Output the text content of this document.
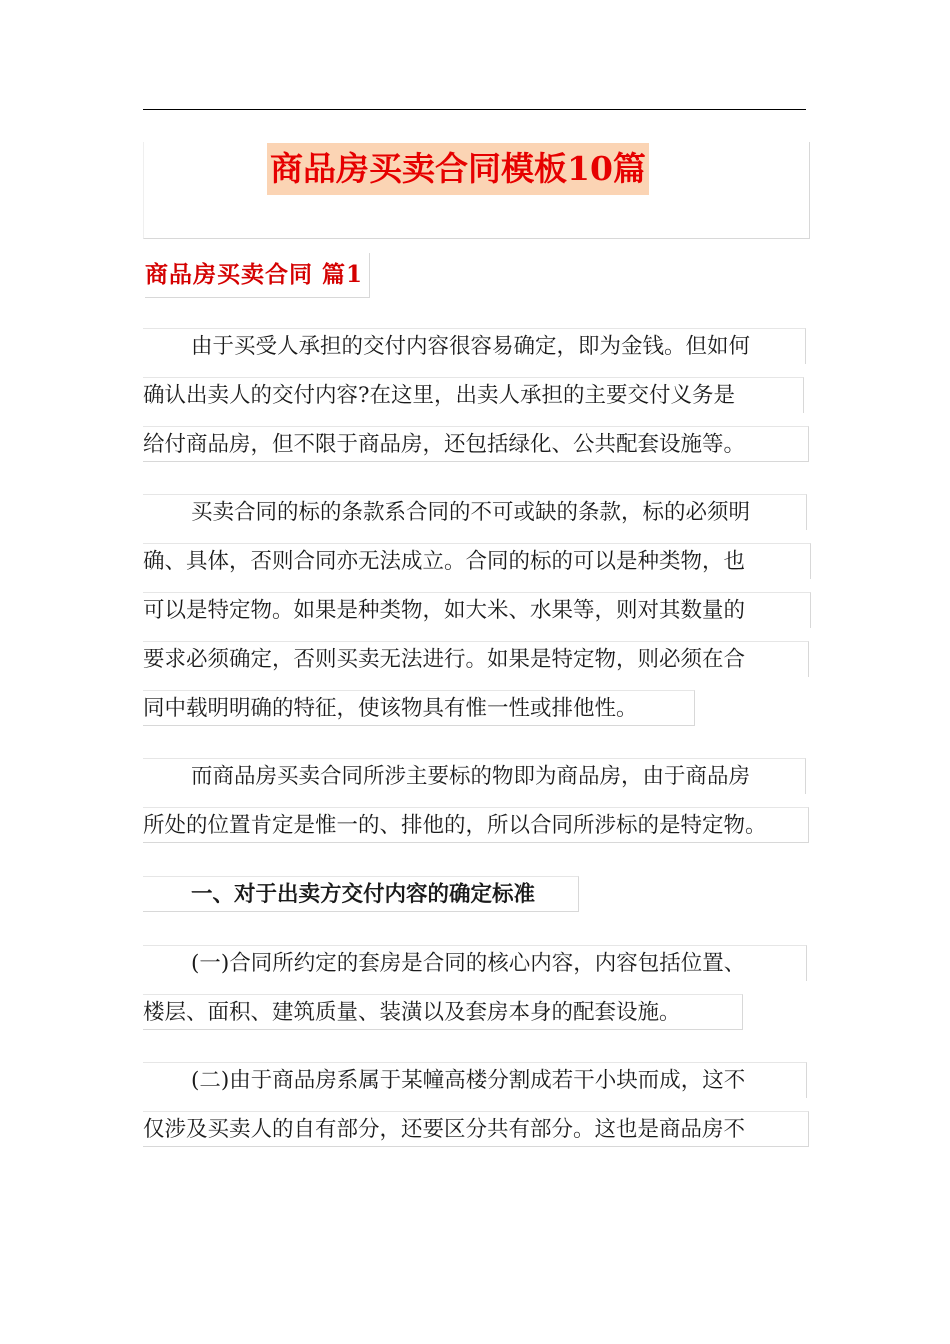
商品房买卖合同模板10篇
商品房买卖合同 篇1
由于买受人承担的交付内容很容易确定，即为金钱。但如何
确认出卖人的交付内容?在这里，出卖人承担的主要交付义务是
给付商品房，但不限于商品房，还包括绿化、公共配套设施等。
买卖合同的标的条款系合同的不可或缺的条款，标的必须明
确、具体，否则合同亦无法成立。合同的标的可以是种类物，也
可以是特定物。如果是种类物，如大米、水果等，则对其数量的
要求必须确定，否则买卖无法进行。如果是特定物，则必须在合
同中载明明确的特征，使该物具有惟一性或排他性。
而商品房买卖合同所涉主要标的物即为商品房，由于商品房
所处的位置肯定是惟一的、排他的，所以合同所涉标的是特定物。
一、对于出卖方交付内容的确定标准
(一)合同所约定的套房是合同的核心内容，内容包括位置、
楼层、面积、建筑质量、装潢以及套房本身的配套设施。
(二)由于商品房系属于某幢高楼分割成若干小块而成，这不
仅涉及买卖人的自有部分，还要区分共有部分。这也是商品房不
